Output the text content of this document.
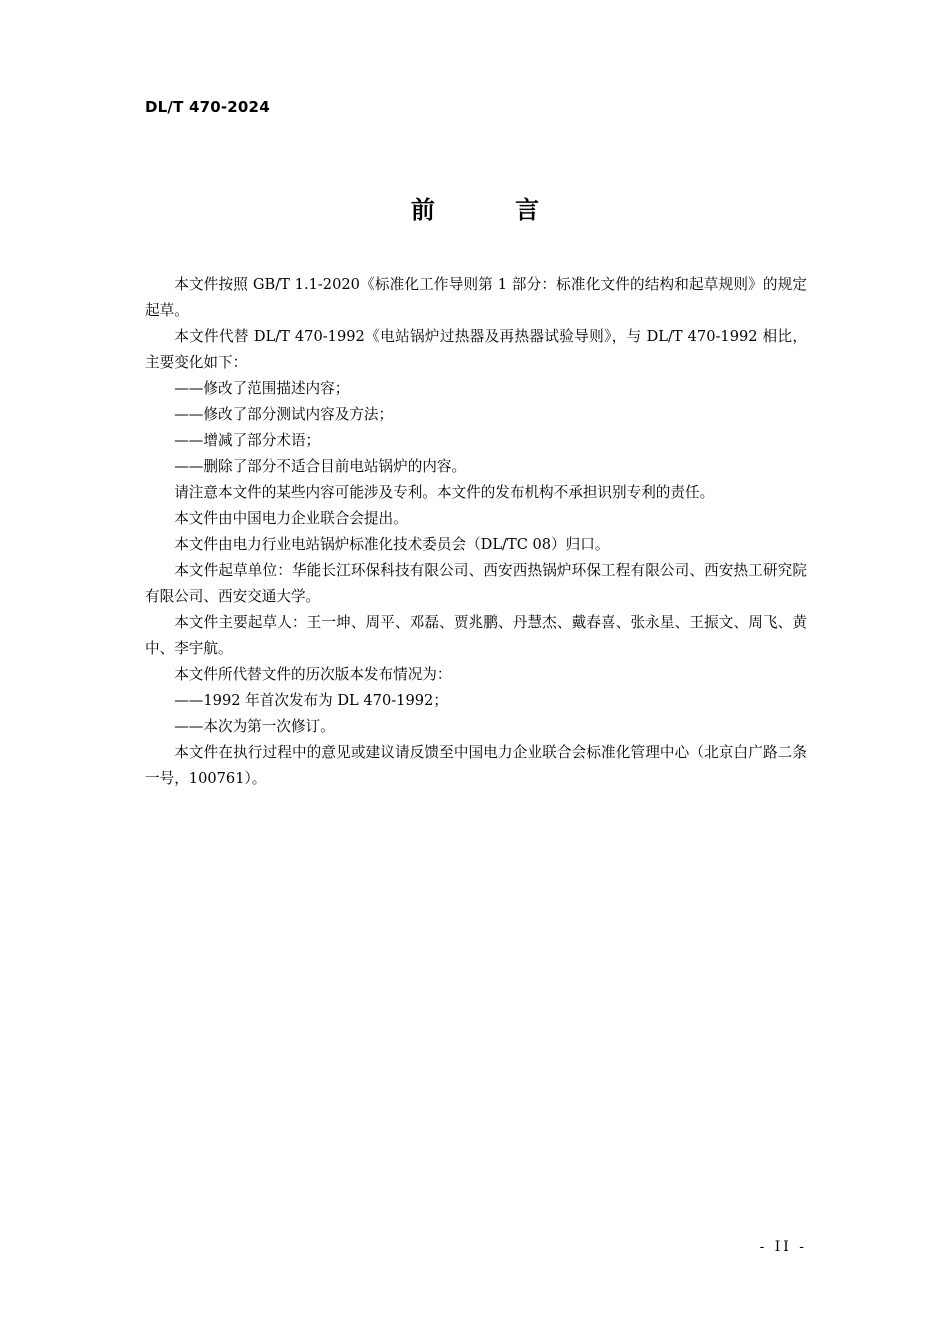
DL/T 470-2024
前 言

本文件按照 GB/T 1.1-2020《标准化工作导则第 1 部分：标准化文件的结构和起草规则》的规定起草。

本文件代替 DL/T 470-1992《电站锅炉过热器及再热器试验导则》，与 DL/T 470-1992 相比，主要变化如下：

——修改了范围描述内容；

——修改了部分测试内容及方法；

——增减了部分术语；

——删除了部分不适合目前电站锅炉的内容。

请注意本文件的某些内容可能涉及专利。本文件的发布机构不承担识别专利的责任。

本文件由中国电力企业联合会提出。

本文件由电力行业电站锅炉标准化技术委员会（DL/TC 08）归口。

本文件起草单位：华能长江环保科技有限公司、西安西热锅炉环保工程有限公司、西安热工研究院有限公司、西安交通大学。

本文件主要起草人：王一坤、周平、邓磊、贾兆鹏、丹慧杰、戴春喜、张永星、王振文、周飞、黄中、李宇航。

本文件所代替文件的历次版本发布情况为：

——1992 年首次发布为 DL 470-1992；

——本次为第一次修订。

本文件在执行过程中的意见或建议请反馈至中国电力企业联合会标准化管理中心（北京白广路二条一号，100761）。

- II -
